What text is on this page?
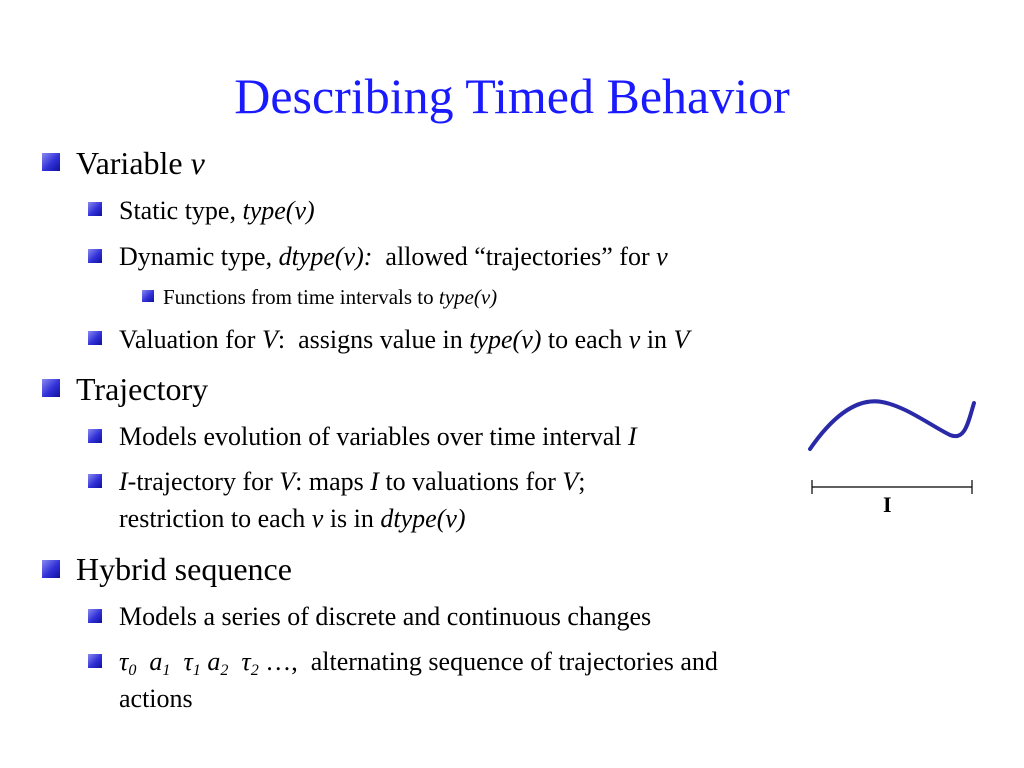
Describing Timed Behavior
Variable v
Static type, type(v)
Dynamic type, dtype(v): allowed “trajectories” for v
Functions from time intervals to type(v)
Valuation for V: assigns value in type(v) to each v in V
Trajectory
Models evolution of variables over time interval I
I-trajectory for V: maps I to valuations for V;
restriction to each v is in dtype(v)	I
Hybrid sequence
Models a series of discrete and continuous changes
$\tau_0$ $a_1$ $\tau_1$ $a_2$ $\tau_2$ …, alternating sequence of trajectories and
actions
